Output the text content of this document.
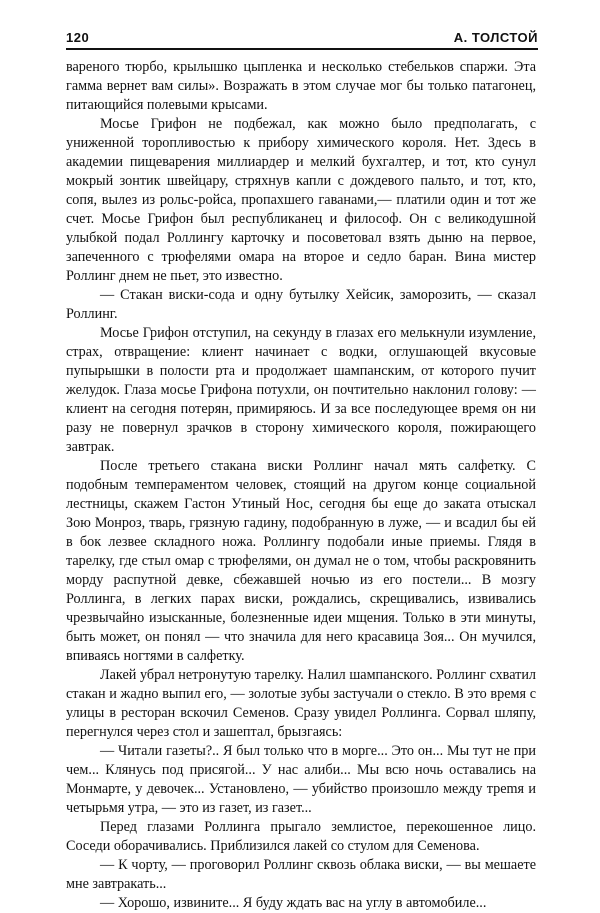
120	А. ТОЛСТОЙ

вареного тюрбо, крылышко цыпленка и несколько стебельков спаржи. Эта гамма вернет вам силы». Возражать в этом случае мог бы только патагонец, питающийся полевыми крысами.

Мосье Грифон не подбежал, как можно было предполагать, с униженной торопливостью к прибору химического короля. Нет. Здесь в академии пищеварения миллиардер и мелкий бухгалтер, и тот, кто сунул мокрый зонтик швейцару, стряхнув капли с дождевого пальто, и тот, кто, сопя, вылез из рольс-ройса, пропахшего гаванами,— платили один и тот же счет. Мосье Грифон был республиканец и философ. Он с великодушной улыбкой подал Роллингу карточку и посоветовал взять дыню на первое, запеченного с трюфелями омара на второе и седло баран. Вина мистер Роллинг днем не пьет, это известно.

— Стакан виски-сода и одну бутылку Хейсик, заморозить, — сказал Роллинг.

Мосье Грифон отступил, на секунду в глазах его мелькнули изумление, страх, отвращение: клиент начинает с водки, оглушающей вкусовые пупырышки в полости рта и продолжает шампанским, от которого пучит желудок. Глаза мосье Грифона потухли, он почтительно наклонил голову: — клиент на сегодня потерян, примиряюсь. И за все последующее время он ни разу не повернул зрачков в сторону химического короля, пожирающего завтрак.

После третьего стакана виски Роллинг начал мять салфетку. С подобным темпераментом человек, стоящий на другом конце социальной лестницы, скажем Гастон Утиный Нос, сегодня бы еще до заката отыскал Зою Монроз, тварь, грязную гадину, подобранную в луже, — и всадил бы ей в бок лезвее складного ножа. Роллингу подобали иные приемы. Глядя в тарелку, где стыл омар с трюфелями, он думал не о том, чтобы раскровянить морду распутной девке, сбежавшей ночью из его постели... В мозгу Роллинга, в легких парах виски, рождались, скрещивались, извивались чрезвычайно изысканные, болезненные идеи мщения. Только в эти минуты, быть может, он понял — что значила для него красавица Зоя... Он мучился, впиваясь ногтями в салфетку.

Лакей убрал нетронутую тарелку. Налил шампанского. Роллинг схватил стакан и жадно выпил его, — золотые зубы застучали о стекло. В это время с улицы в ресторан вскочил Семенов. Сразу увидел Роллинга. Сорвал шляпу, перегнулся через стол и зашептал, брызгаясь:

— Читали газеты?.. Я был только что в морге... Это он... Мы тут не при чем... Клянусь под присягой... У нас алиби... Мы всю ночь оставались на Монмарте, у девочек... Установлено, — убийство произошло между трemя и четырьмя утра, — это из газет, из газет...

Перед глазами Роллинга прыгало землистое, перекошенное лицо. Соседи оборачивались. Приблизился лакей со стулом для Семенова.

— К чорту, — проговорил Роллинг сквозь облака виски, — вы мешаете мне завтракать...

— Хорошо, извините... Я буду ждать вас на углу в автомобиле...
